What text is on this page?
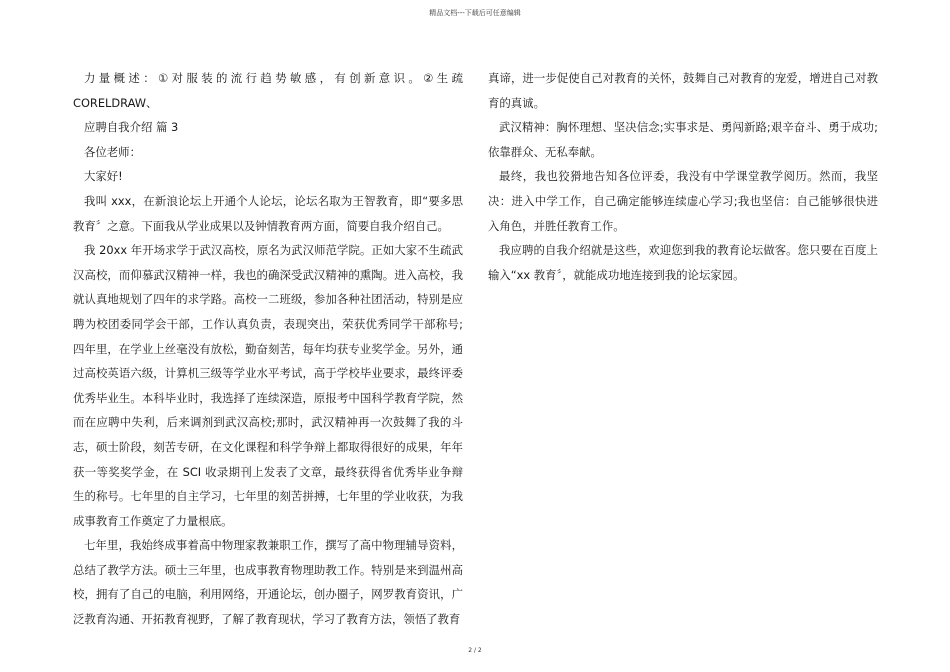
精品文档---下载后可任意编辑

力量概述：①对服装的流行趋势敏感，有创新意识。②生疏 CORELDRAW、

应聘自我介绍 篇 3

各位老师：

大家好!

我叫 xxx，在新浪论坛上开通个人论坛，论坛名取为王智教育，即“要多思教育〞之意。下面我从学业成果以及钟情教育两方面，简要自我介绍自己。

我 20xx 年开场求学于武汉高校，原名为武汉师范学院。正如大家不生疏武汉高校，而仰慕武汉精神一样，我也的确深受武汉精神的熏陶。进入高校，我就认真地规划了四年的求学路。高校一二班级，参加各种社团活动，特别是应聘为校团委同学会干部，工作认真负责，表现突出，荣获优秀同学干部称号;四年里，在学业上丝毫没有放松，勤奋刻苦，每年均获专业奖学金。另外，通过高校英语六级，计算机三级等学业水平考试，高于学校毕业要求，最终评委优秀毕业生。本科毕业时，我选择了连续深造，原报考中国科学教育学院，然而在应聘中失利，后来调剂到武汉高校;那时，武汉精神再一次鼓舞了我的斗志，硕士阶段，刻苦专研，在文化课程和科学争辩上都取得很好的成果，年年获一等奖奖学金，在 SCI 收录期刊上发表了文章，最终获得省优秀毕业争辩生的称号。七年里的自主学习，七年里的刻苦拼搏，七年里的学业收获，为我成事教育工作奠定了力量根底。

七年里，我始终成事着高中物理家教兼职工作，撰写了高中物理辅导资料，总结了教学方法。硕士三年里，也成事教育物理助教工作。特别是来到温州高校，拥有了自己的电脑，利用网络，开通论坛，创办圈子，网罗教育资讯，广泛教育沟通、开拓教育视野，了解了教育现状，学习了教育方法，领悟了教育

真谛，进一步促使自己对教育的关怀，鼓舞自己对教育的宠爱，增进自己对教育的真诚。

武汉精神：胸怀理想、坚决信念;实事求是、勇闯新路;艰辛奋斗、勇于成功;依靠群众、无私奉献。

最终，我也狡猾地告知各位评委，我没有中学课堂教学阅历。然而，我坚决：进入中学工作，自己确定能够连续虚心学习;我也坚信：自己能够很快进入角色，并胜任教育工作。

我应聘的自我介绍就是这些，欢迎您到我的教育论坛做客。您只要在百度上输入“xx 教育〞，就能成功地连接到我的论坛家园。

2 / 2
